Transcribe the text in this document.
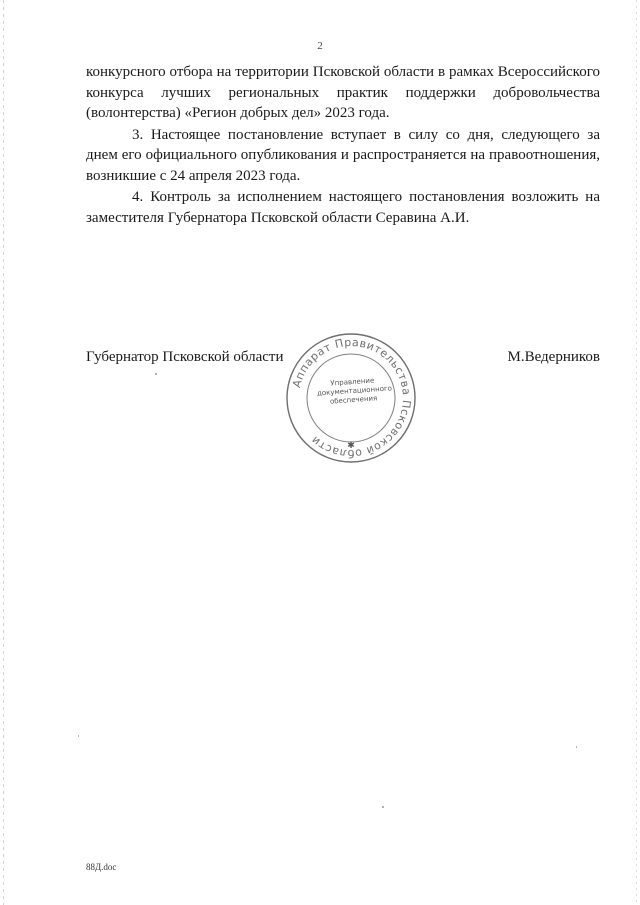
2

конкурсного отбора на территории Псковской области в рамках Всероссийского конкурса лучших региональных практик поддержки добровольчества (волонтерства) «Регион добрых дел» 2023 года.

3. Настоящее постановление вступает в силу со дня, следующего за днем его официального опубликования и распространяется на правоотношения, возникшие с 24 апреля 2023 года.

4. Контроль за исполнением настоящего постановления возложить на заместителя Губернатора Псковской области Серавина А.И.

Губернатор Псковской области	М.Ведерников
Аппарат Правительства Псковской области	✱
Управление документационного обеспечения
88Д.doc
